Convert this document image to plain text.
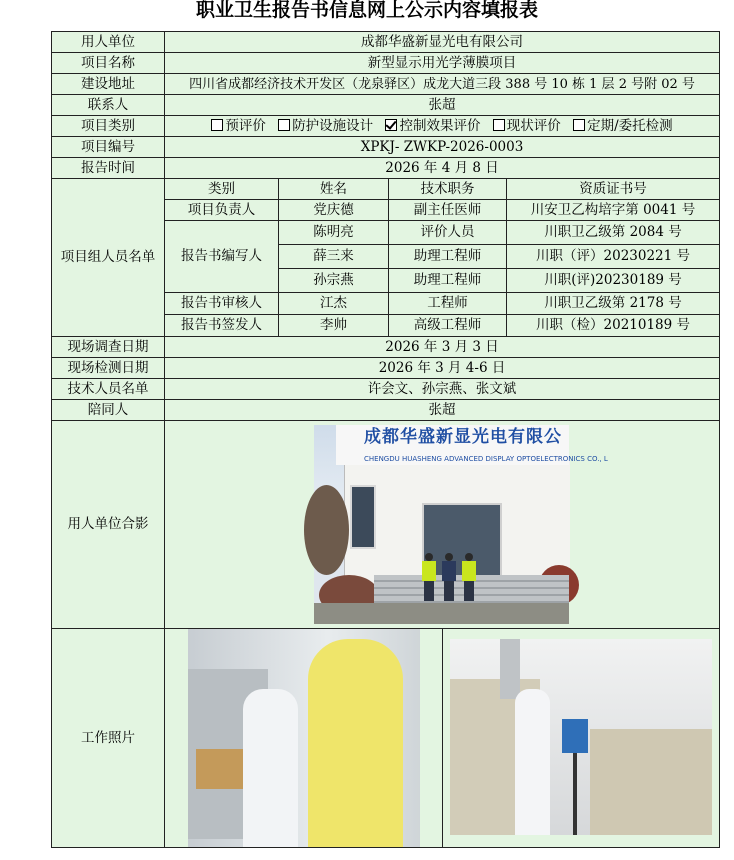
职业卫生报告书信息网上公示内容填报表
用人单位	成都华盛新显光电有限公司				
项目名称	新型显示用光学薄膜项目				
建设地址	四川省成都经济技术开发区（龙泉驿区）成龙大道三段 388 号 10 栋 1 层 2 号附 02 号				
联系人	张超				
项目类别	预评价 防护设施设计 控制效果评价 现状评价 定期/委托检测				
项目编号	XPKJ- ZWKP-2026-0003				
报告时间	2026 年 4 月 8 日				
项目组人员名单	类别	姓名	技术职务		资质证书号
	项目负责人	党庆德	副主任医师		川安卫乙构培字第 0041 号
	报告书编写人	陈明亮	评价人员		川职卫乙级第 2084 号
		薛三来	助理工程师		川职（评）20230221 号
		孙宗燕	助理工程师		川职(评)20230189 号
	报告书审核人	江杰	工程师		川职卫乙级第 2178 号
	报告书签发人	李帅	高级工程师		川职（检）20210189 号
现场调查日期	2026 年 3 月 3 日				
现场检测日期	2026 年 3 月 4-6 日				
技术人员名单	许会文、孙宗燕、张文斌				
陪同人	张超				
用人单位合影	成都华盛新显光电有限公
CHENGDU HUASHENG ADVANCED DISPLAY OPTOELECTRONICS CO., L				

工作照片				
